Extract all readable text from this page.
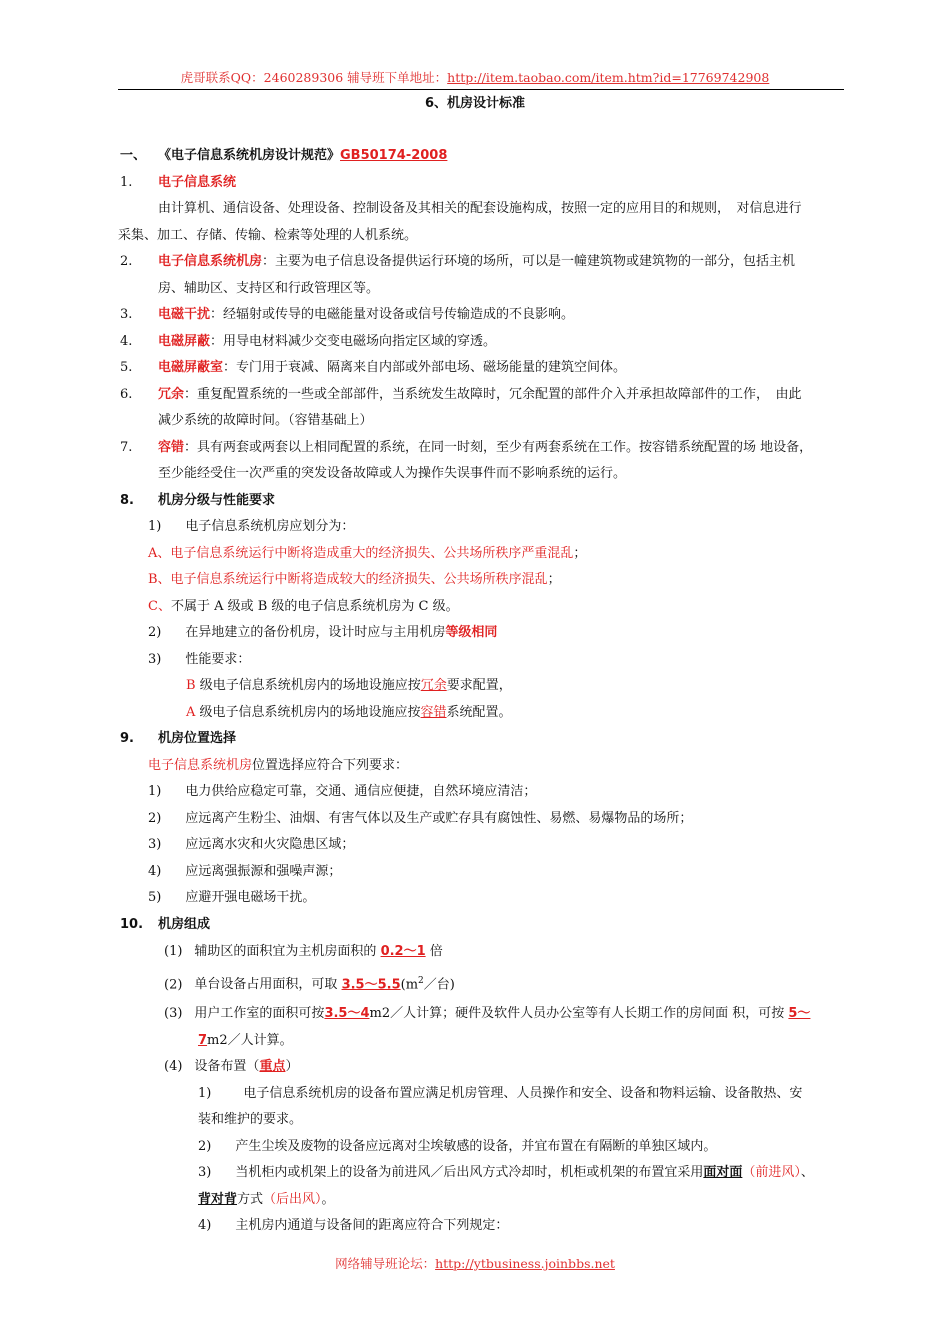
虎哥联系QQ：2460289306 辅导班下单地址：http://item.taobao.com/item.htm?id=17769742908
6、机房设计标准
一、 《电子信息系统机房设计规范》GB50174-2008
1. 电子信息系统
由计算机、通信设备、处理设备、控制设备及其相关的配套设施构成，按照一定的应用目的和规则，　对信息进行
采集、加工、存储、传输、检索等处理的人机系统。
2. 电子信息系统机房：主要为电子信息设备提供运行环境的场所，可以是一幢建筑物或建筑物的一部分，包括主机
房、辅助区、支持区和行政管理区等。
3. 电磁干扰：经辐射或传导的电磁能量对设备或信号传输造成的不良影响。
4. 电磁屏蔽：用导电材料减少交变电磁场向指定区域的穿透。
5. 电磁屏蔽室：专门用于衰减、隔离来自内部或外部电场、磁场能量的建筑空间体。
6. 冗余：重复配置系统的一些或全部部件，当系统发生故障时，冗余配置的部件介入并承担故障部件的工作，　由此
减少系统的故障时间。（容错基础上）
7. 容错：具有两套或两套以上相同配置的系统，在同一时刻，至少有两套系统在工作。按容错系统配置的场 地设备，
至少能经受住一次严重的突发设备故障或人为操作失误事件而不影响系统的运行。
8. 机房分级与性能要求
1) 电子信息系统机房应划分为：
A、电子信息系统运行中断将造成重大的经济损失、公共场所秩序严重混乱；
B、电子信息系统运行中断将造成较大的经济损失、公共场所秩序混乱；
C、不属于 A 级或 B 级的电子信息系统机房为 C 级。
2) 在异地建立的备份机房，设计时应与主用机房等级相同
3) 性能要求：
B 级电子信息系统机房内的场地设施应按冗余要求配置，
A 级电子信息系统机房内的场地设施应按容错系统配置。
9. 机房位置选择
电子信息系统机房位置选择应符合下列要求：
1) 电力供给应稳定可靠，交通、通信应便捷，自然环境应清洁；
2) 应远离产生粉尘、油烟、有害气体以及生产或贮存具有腐蚀性、易燃、易爆物品的场所；
3) 应远离水灾和火灾隐患区域；
4) 应远离强振源和强噪声源；
5) 应避开强电磁场干扰。
10. 机房组成
(1) 辅助区的面积宜为主机房面积的 0.2～1 倍
(2) 单台设备占用面积，可取 $3.5\sim 5.5(m^2/$台)
(3) 用户工作室的面积可按3.5～4m2／人计算；硬件及软件人员办公室等有人长期工作的房间面 积，可按 5～
7m2／人计算。
(4) 设备布置（重点）
1) 电子信息系统机房的设备布置应满足机房管理、人员操作和安全、设备和物料运输、设备散热、安
装和维护的要求。
2) 产生尘埃及废物的设备应远离对尘埃敏感的设备，并宜布置在有隔断的单独区域内。
3) 当机柜内或机架上的设备为前进风／后出风方式冷却时，机柜或机架的布置宜采用面对面（前进风）、
背对背方式（后出风）。
4) 主机房内通道与设备间的距离应符合下列规定：
网络辅导班论坛：http://ytbusiness.joinbbs.net
